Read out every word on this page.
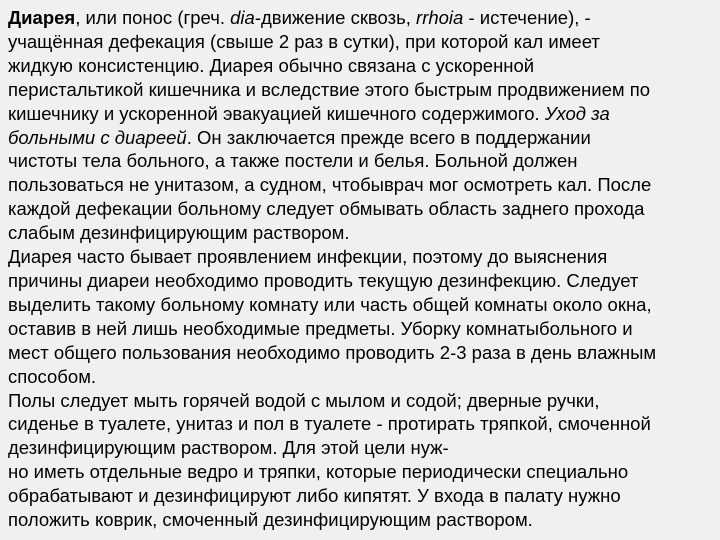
Диарея, или понос (греч. dia-движение сквозь, rrhoia - истечение), -
учащённая дефекация (свыше 2 раз в сутки), при которой кал имеет
жидкую консистенцию. Диарея обычно связана с ускоренной
перистальтикой кишечника и вследствие этого быстрым продвижением по
кишечнику и ускоренной эвакуацией кишечного содержимого. Уход за
больными с диареей. Он заключается прежде всего в поддержании
чистоты тела больного, а также постели и белья. Больной должен
пользоваться не унитазом, а судном, чтобыврач мог осмотреть кал. После
каждой дефекации больному следует обмывать область заднего прохода
слабым дезинфицирующим раствором.

Диарея часто бывает проявлением инфекции, поэтому до выяснения
причины диареи необходимо проводить текущую дезинфекцию. Следует
выделить такому больному комнату или часть общей комнаты около окна,
оставив в ней лишь необходимые предметы. Уборку комнатыбольного и
мест общего пользования необходимо проводить 2-3 раза в день влажным
способом.

Полы следует мыть горячей водой с мылом и содой; дверные ручки,
сиденье в туалете, унитаз и пол в туалете - протирать тряпкой, смоченной
дезинфицирующим раствором. Для этой цели нуж-
но иметь отдельные ведро и тряпки, которые периодически специально
обрабатывают и дезинфицируют либо кипятят. У входа в палату нужно
положить коврик, смоченный дезинфицирующим раствором.
